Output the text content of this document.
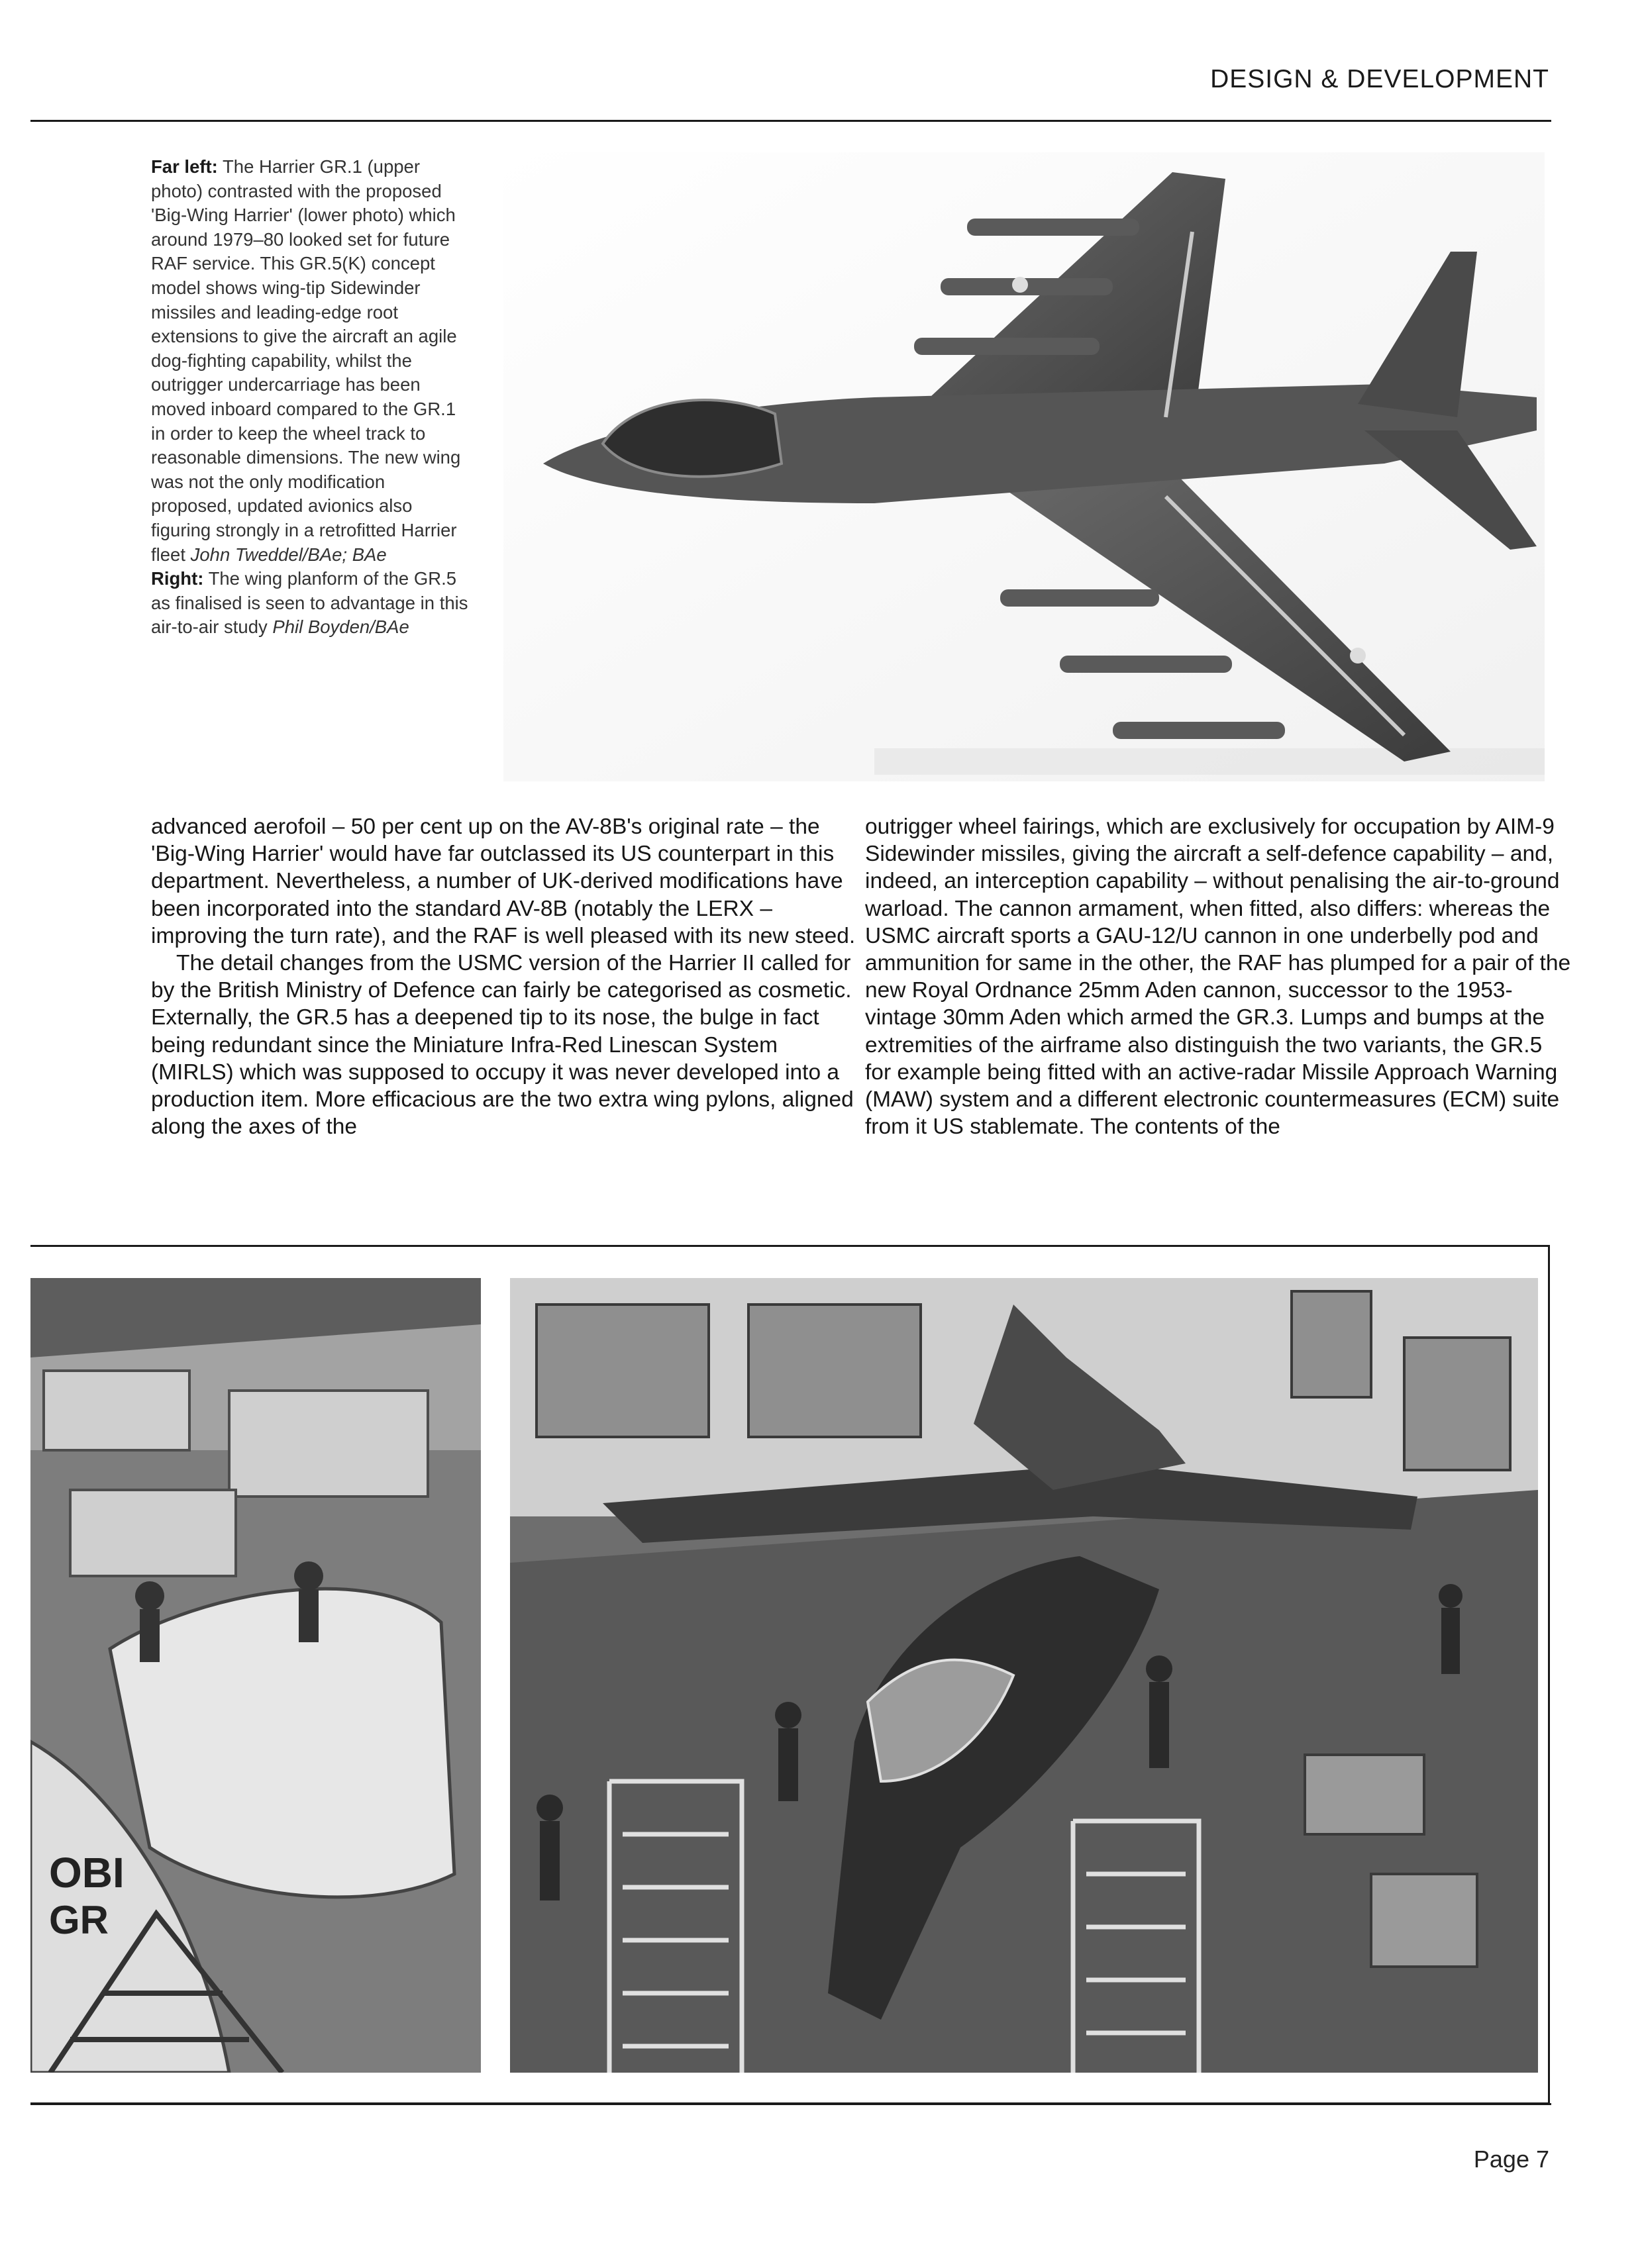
DESIGN & DEVELOPMENT

Far left: The Harrier GR.1 (upper photo) contrasted with the proposed 'Big-Wing Harrier' (lower photo) which around 1979–80 looked set for future RAF service. This GR.5(K) concept model shows wing-tip Sidewinder missiles and leading-edge root extensions to give the aircraft an agile dog-fighting capability, whilst the outrigger undercarriage has been moved inboard compared to the GR.1 in order to keep the wheel track to reasonable dimensions. The new wing was not the only modification proposed, updated avionics also figuring strongly in a retrofitted Harrier fleet John Tweddel/BAe; BAe

Right: The wing planform of the GR.5 as finalised is seen to advantage in this air-to-air study Phil Boyden/BAe

advanced aerofoil – 50 per cent up on the AV-8B's original rate – the 'Big-Wing Harrier' would have far outclassed its US counterpart in this department. Nevertheless, a number of UK-derived modifications have been incorporated into the standard AV-8B (notably the LERX – improving the turn rate), and the RAF is well pleased with its new steed.

The detail changes from the USMC version of the Harrier II called for by the British Ministry of Defence can fairly be categorised as cosmetic. Externally, the GR.5 has a deepened tip to its nose, the bulge in fact being redundant since the Miniature Infra-Red Linescan System (MIRLS) which was supposed to occupy it was never developed into a production item. More efficacious are the two extra wing pylons, aligned along the axes of the

outrigger wheel fairings, which are exclusively for occupation by AIM-9 Sidewinder missiles, giving the aircraft a self-defence capability – and, indeed, an interception capability – without penalising the air-to-ground warload. The cannon armament, when fitted, also differs: whereas the USMC aircraft sports a GAU-12/U cannon in one underbelly pod and ammunition for same in the other, the RAF has plumped for a pair of the new Royal Ordnance 25mm Aden cannon, successor to the 1953-vintage 30mm Aden which armed the GR.3. Lumps and bumps at the extremities of the airframe also distinguish the two variants, the GR.5 for example being fitted with an active-radar Missile Approach Warning (MAW) system and a different electronic countermeasures (ECM) suite from it US stablemate. The contents of the

OBI
GR
Page 7
